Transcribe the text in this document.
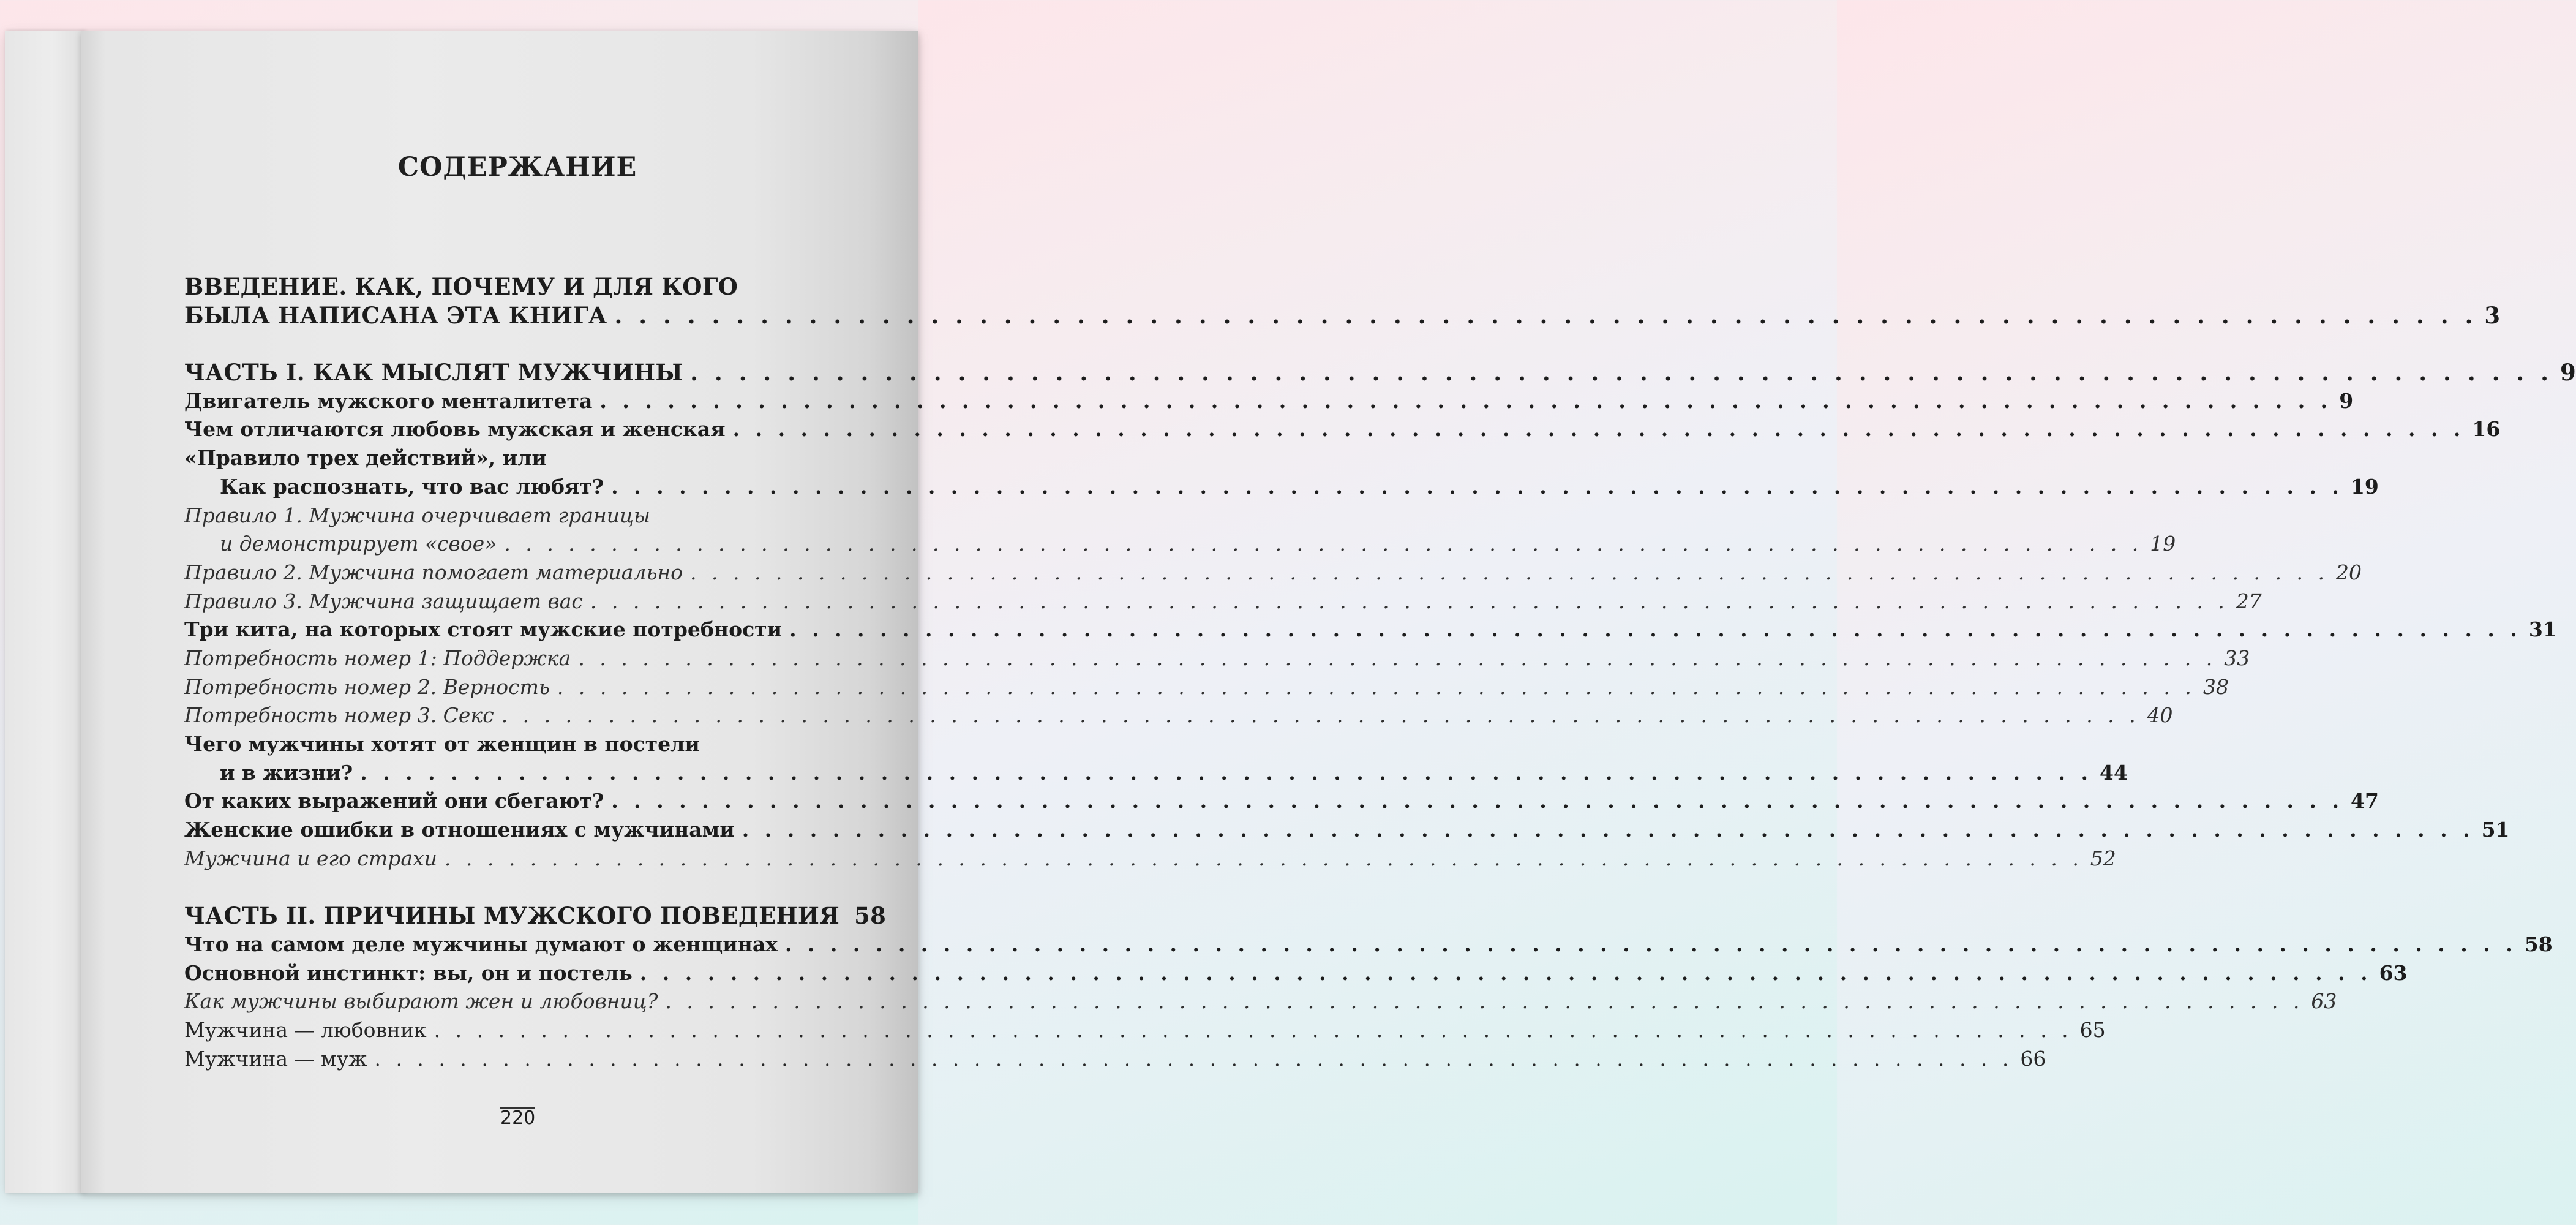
СОДЕРЖАНИЕ
ВВЕДЕНИЕ. КАК, ПОЧЕМУ И ДЛЯ КОГО
БЫЛА НАПИСАНА ЭТА КНИГА . . . . . . . . . . . . . . . . . . . . . . . . . . . . . . . . . . . . . . . . . . . . . . . . . . . . . . . . . . . . . . . . . . . . . . . . . . . . . 3
ЧАСТЬ I. КАК МЫСЛЯТ МУЖЧИНЫ . . . . . . . . . . . . . . . . . . . . . . . . . . . . . . . . . . . . . . . . . . . . . . . . . . . . . . . . . . . . . . . . . . . . . . . . . . . . . 9
Двигатель мужского менталитета . . . . . . . . . . . . . . . . . . . . . . . . . . . . . . . . . . . . . . . . . . . . . . . . . . . . . . . . . . . . . . . . . . . . . . . . . . . . . 9
Чем отличаются любовь мужская и женская . . . . . . . . . . . . . . . . . . . . . . . . . . . . . . . . . . . . . . . . . . . . . . . . . . . . . . . . . . . . . . . . . . . . . . . . . . . . . 16
«Правило трех действий», или
Как распознать, что вас любят? . . . . . . . . . . . . . . . . . . . . . . . . . . . . . . . . . . . . . . . . . . . . . . . . . . . . . . . . . . . . . . . . . . . . . . . . . . . . . 19
Правило 1. Мужчина очерчивает границы
и демонстрирует «свое» . . . . . . . . . . . . . . . . . . . . . . . . . . . . . . . . . . . . . . . . . . . . . . . . . . . . . . . . . . . . . . . . . . . . . . . . . . . . . 19
Правило 2. Мужчина помогает материально . . . . . . . . . . . . . . . . . . . . . . . . . . . . . . . . . . . . . . . . . . . . . . . . . . . . . . . . . . . . . . . . . . . . . . . . . . . . . 20
Правило 3. Мужчина защищает вас . . . . . . . . . . . . . . . . . . . . . . . . . . . . . . . . . . . . . . . . . . . . . . . . . . . . . . . . . . . . . . . . . . . . . . . . . . . . . 27
Три кита, на которых стоят мужские потребности . . . . . . . . . . . . . . . . . . . . . . . . . . . . . . . . . . . . . . . . . . . . . . . . . . . . . . . . . . . . . . . . . . . . . . . . . . . . . 31
Потребность номер 1: Поддержка . . . . . . . . . . . . . . . . . . . . . . . . . . . . . . . . . . . . . . . . . . . . . . . . . . . . . . . . . . . . . . . . . . . . . . . . . . . . . 33
Потребность номер 2. Верность . . . . . . . . . . . . . . . . . . . . . . . . . . . . . . . . . . . . . . . . . . . . . . . . . . . . . . . . . . . . . . . . . . . . . . . . . . . . . 38
Потребность номер 3. Секс . . . . . . . . . . . . . . . . . . . . . . . . . . . . . . . . . . . . . . . . . . . . . . . . . . . . . . . . . . . . . . . . . . . . . . . . . . . . . 40
Чего мужчины хотят от женщин в постели
и в жизни? . . . . . . . . . . . . . . . . . . . . . . . . . . . . . . . . . . . . . . . . . . . . . . . . . . . . . . . . . . . . . . . . . . . . . . . . . . . . . 44
От каких выражений они сбегают? . . . . . . . . . . . . . . . . . . . . . . . . . . . . . . . . . . . . . . . . . . . . . . . . . . . . . . . . . . . . . . . . . . . . . . . . . . . . . 47
Женские ошибки в отношениях с мужчинами . . . . . . . . . . . . . . . . . . . . . . . . . . . . . . . . . . . . . . . . . . . . . . . . . . . . . . . . . . . . . . . . . . . . . . . . . . . . . 51
Мужчина и его страхи . . . . . . . . . . . . . . . . . . . . . . . . . . . . . . . . . . . . . . . . . . . . . . . . . . . . . . . . . . . . . . . . . . . . . . . . . . . . . 52
ЧАСТЬ II. ПРИЧИНЫ МУЖСКОГО ПОВЕДЕНИЯ 58
Что на самом деле мужчины думают о женщинах . . . . . . . . . . . . . . . . . . . . . . . . . . . . . . . . . . . . . . . . . . . . . . . . . . . . . . . . . . . . . . . . . . . . . . . . . . . . . 58
Основной инстинкт: вы, он и постель . . . . . . . . . . . . . . . . . . . . . . . . . . . . . . . . . . . . . . . . . . . . . . . . . . . . . . . . . . . . . . . . . . . . . . . . . . . . . 63
Как мужчины выбирают жен и любовниц? . . . . . . . . . . . . . . . . . . . . . . . . . . . . . . . . . . . . . . . . . . . . . . . . . . . . . . . . . . . . . . . . . . . . . . . . . . . . . 63
Мужчина — любовник . . . . . . . . . . . . . . . . . . . . . . . . . . . . . . . . . . . . . . . . . . . . . . . . . . . . . . . . . . . . . . . . . . . . . . . . . . . . . 65
Мужчина — муж . . . . . . . . . . . . . . . . . . . . . . . . . . . . . . . . . . . . . . . . . . . . . . . . . . . . . . . . . . . . . . . . . . . . . . . . . . . . . 66
220
